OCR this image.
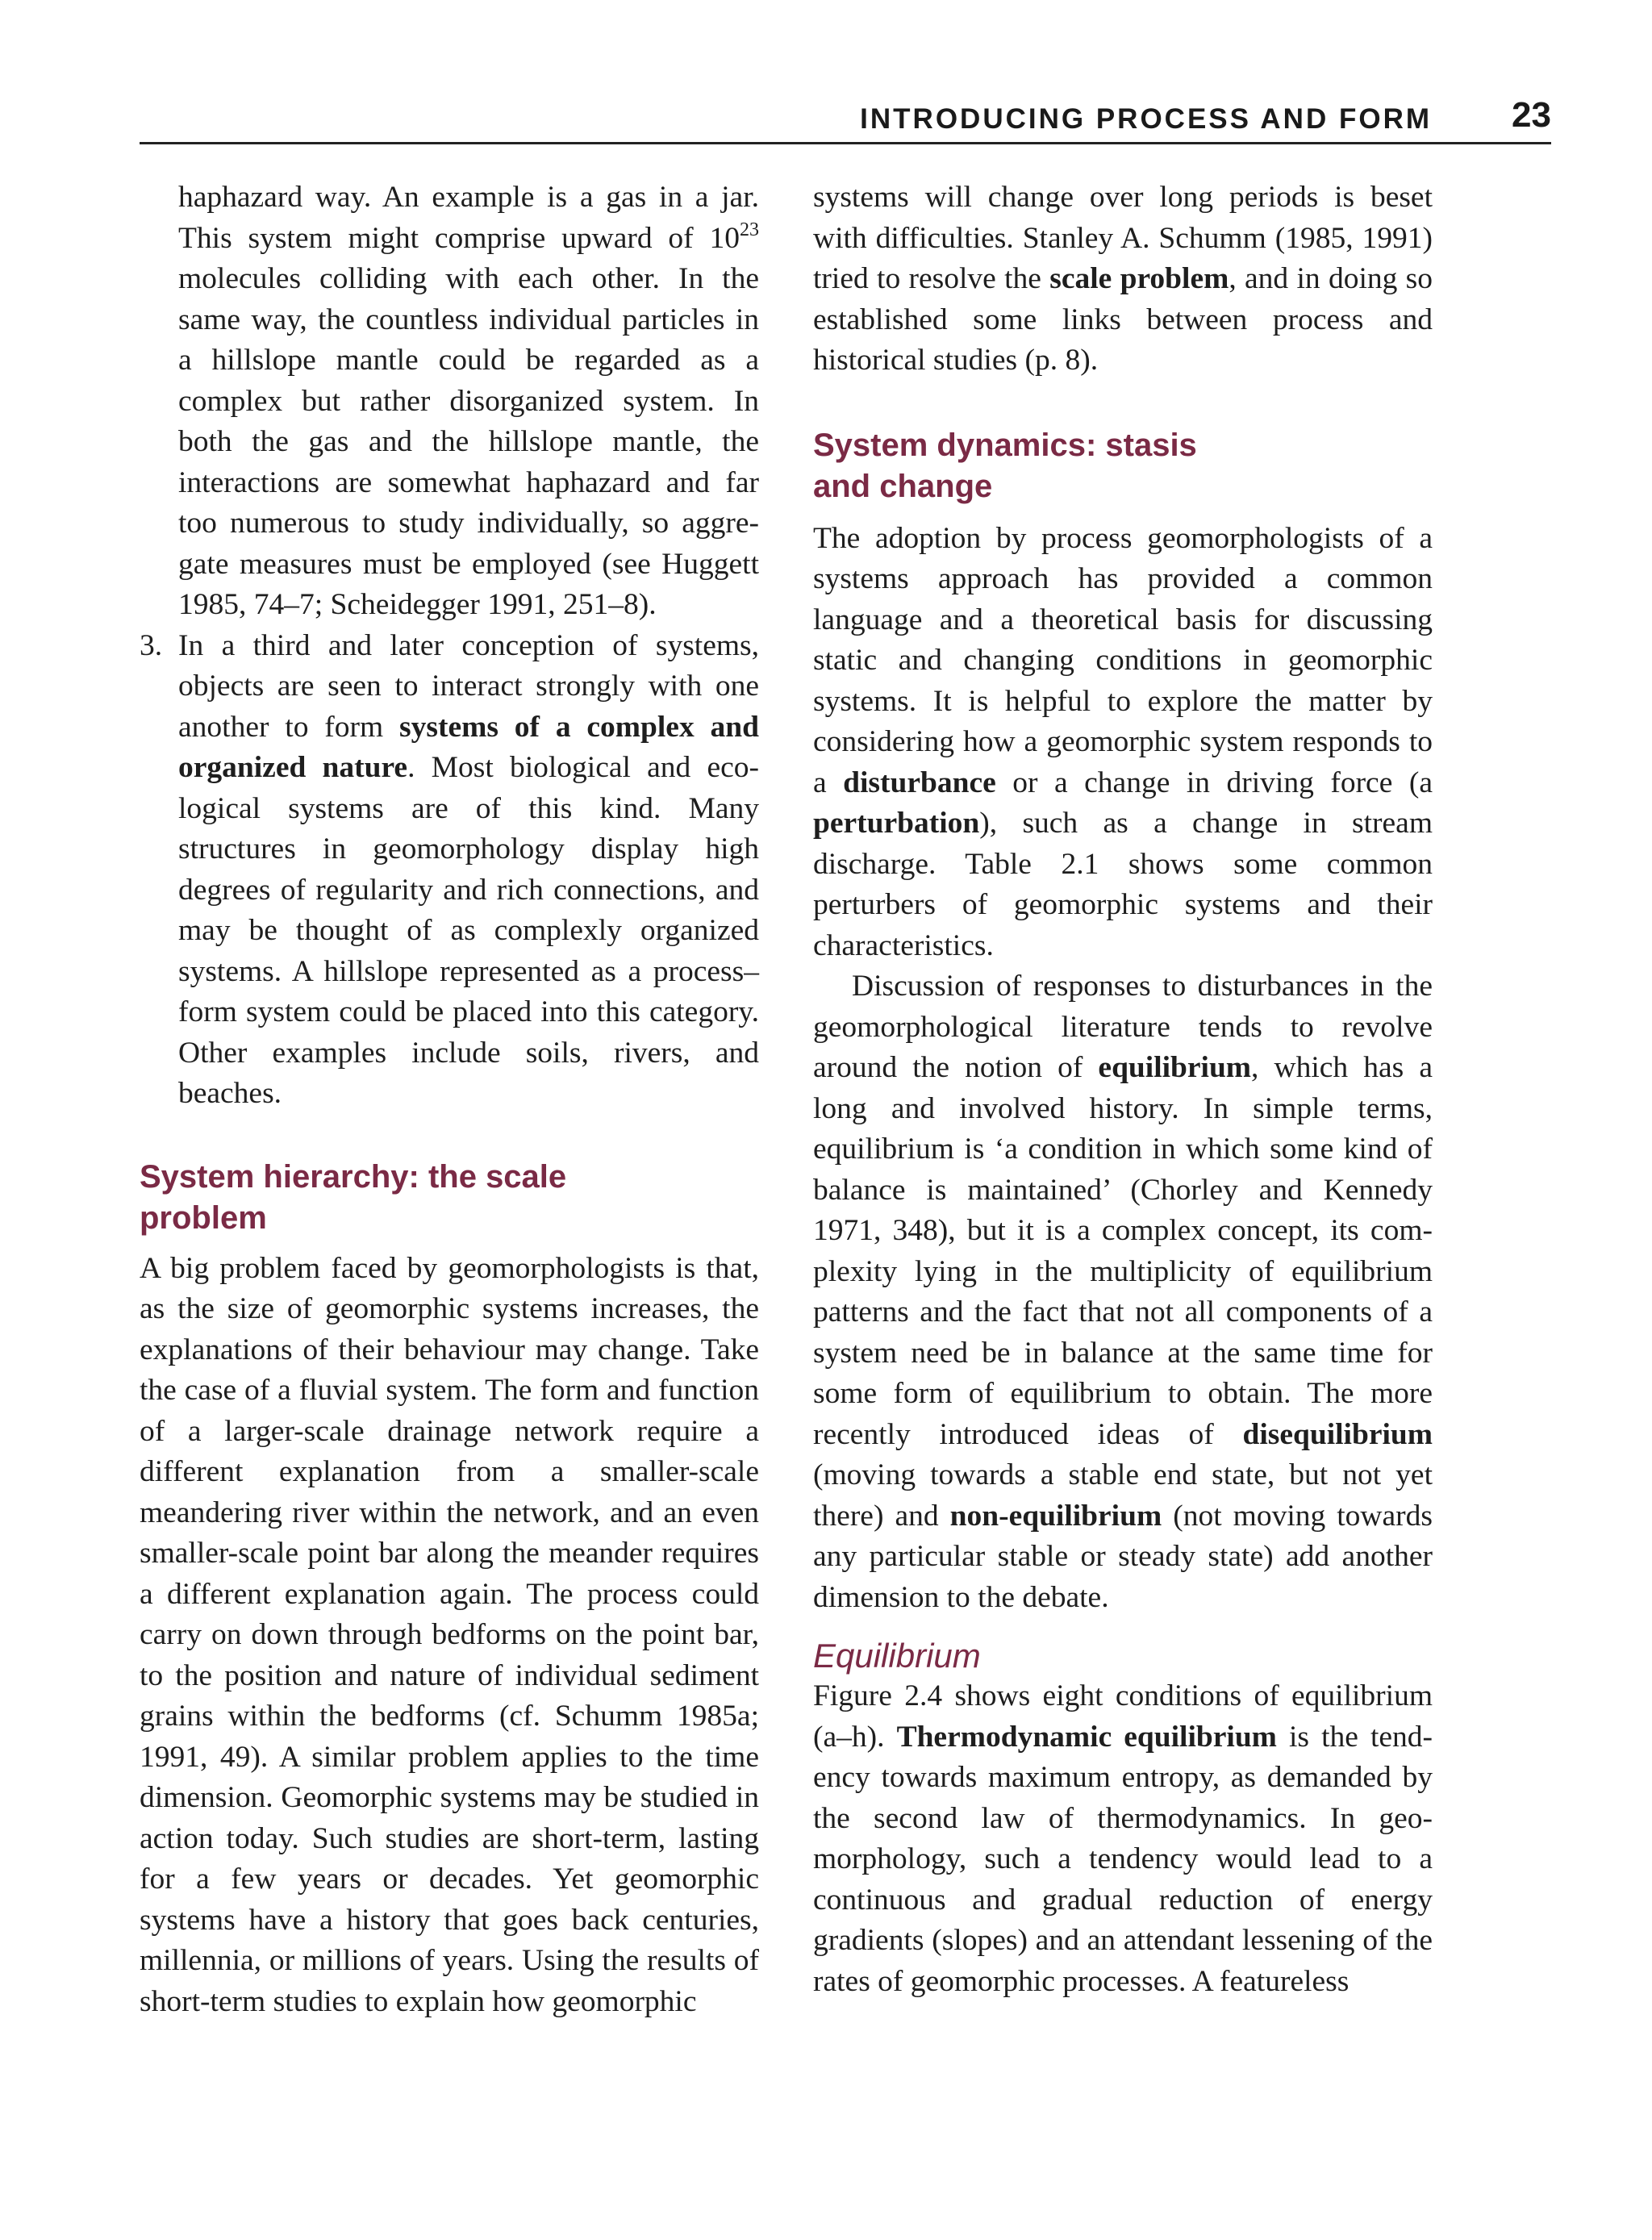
INTRODUCING PROCESS AND FORM 23

haphazard way. An example is a gas in a jar. This system might comprise upward of $10^{23}$ molecules colliding with each other. In the same way, the countless individual particles in a hillslope mantle could be regarded as a complex but rather disorganized system. In both the gas and the hillslope mantle, the interactions are somewhat haphazard and far too numerous to study individually, so aggregate measures must be employed (see Huggett 1985, 74–7; Scheidegger 1991, 251–8).

3. In a third and later conception of systems, objects are seen to interact strongly with one another to form systems of a complex and organized nature. Most biological and ecological systems are of this kind. Many structures in geomorphology display high degrees of regularity and rich connections, and may be thought of as complexly organized systems. A hillslope represented as a process–form system could be placed into this category. Other examples include soils, rivers, and beaches.

System hierarchy: the scale
problem

A big problem faced by geomorphologists is that, as the size of geomorphic systems increases, the explanations of their behaviour may change. Take the case of a fluvial system. The form and function of a larger-scale drainage network require a different explanation from a smaller-scale meandering river within the network, and an even smaller-scale point bar along the meander requires a different explanation again. The process could carry on down through bedforms on the point bar, to the position and nature of individual sediment grains within the bedforms (cf. Schumm 1985a; 1991, 49). A similar problem applies to the time dimension. Geomorphic systems may be studied in action today. Such studies are short-term, lasting for a few years or decades. Yet geomorphic systems have a history that goes back centuries, millennia, or millions of years. Using the results of short-term studies to explain how geomorphic

systems will change over long periods is beset with difficulties. Stanley A. Schumm (1985, 1991) tried to resolve the scale problem, and in doing so established some links between process and historical studies (p. 8).

System dynamics: stasis
and change

The adoption by process geomorphologists of a systems approach has provided a common language and a theoretical basis for discussing static and changing conditions in geomorphic systems. It is helpful to explore the matter by considering how a geomorphic system responds to a disturbance or a change in driving force (a perturbation), such as a change in stream discharge. Table 2.1 shows some common perturbers of geomorphic systems and their characteristics.

Discussion of responses to disturbances in the geomorphological literature tends to revolve around the notion of equilibrium, which has a long and involved history. In simple terms, equilibrium is ‘a condition in which some kind of balance is maintained’ (Chorley and Kennedy 1971, 348), but it is a complex concept, its complexity lying in the multiplicity of equilibrium patterns and the fact that not all components of a system need be in balance at the same time for some form of equilibrium to obtain. The more recently introduced ideas of disequilibrium (moving towards a stable end state, but not yet there) and non-equilibrium (not moving towards any particular stable or steady state) add another dimension to the debate.

Equilibrium

Figure 2.4 shows eight conditions of equilibrium (a–h). Thermodynamic equilibrium is the tendency towards maximum entropy, as demanded by the second law of thermodynamics. In geomorphology, such a tendency would lead to a continuous and gradual reduction of energy gradients (slopes) and an attendant lessening of the rates of geomorphic processes. A featureless
